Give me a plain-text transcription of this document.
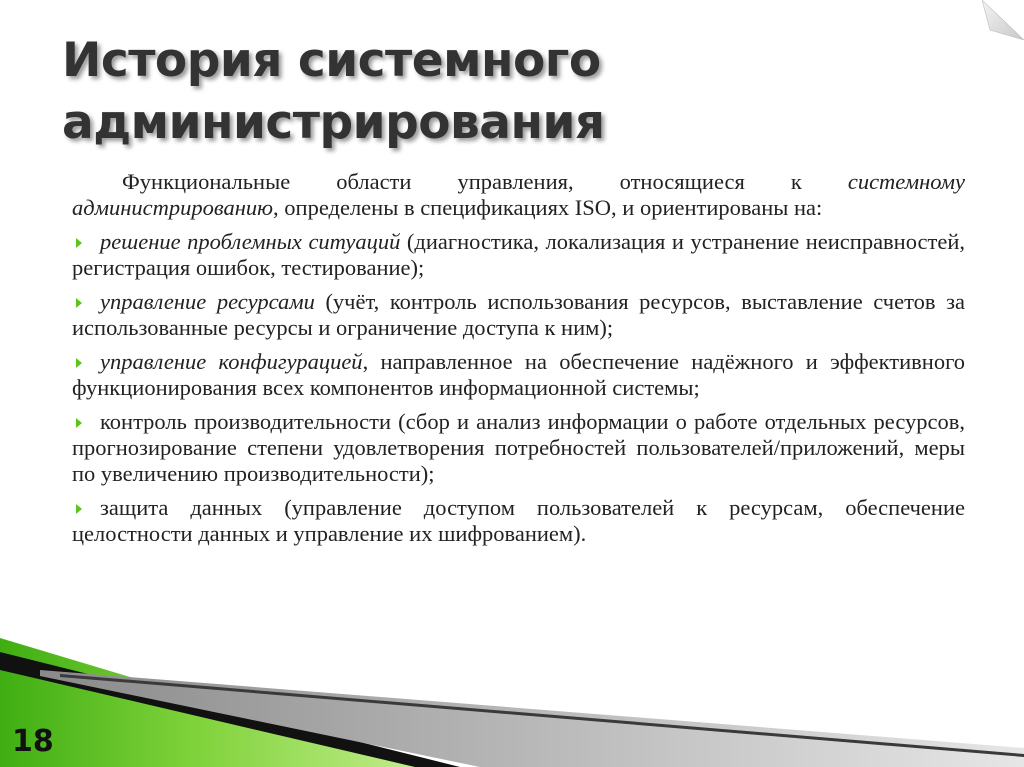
История системного
администрирования

Функциональные области управления, относящиеся к системному администрированию, определены в спецификациях ISO, и ориентированы на:

решение проблемных ситуаций (диагностика, локализация и устранение неисправностей, регистрация ошибок, тестирование);

управление ресурсами (учёт, контроль использования ресурсов, выставление счетов за использованные ресурсы и ограничение доступа к ним);

управление конфигурацией, направленное на обеспечение надёжного и эффективного функционирования всех компонентов информационной системы;

контроль производительности (сбор и анализ информации о работе отдельных ресурсов, прогнозирование степени удовлетворения потребностей пользователей/приложений, меры по увеличению производительности);

защита данных (управление доступом пользователей к ресурсам, обеспечение целостности данных и управление их шифрованием).

18
